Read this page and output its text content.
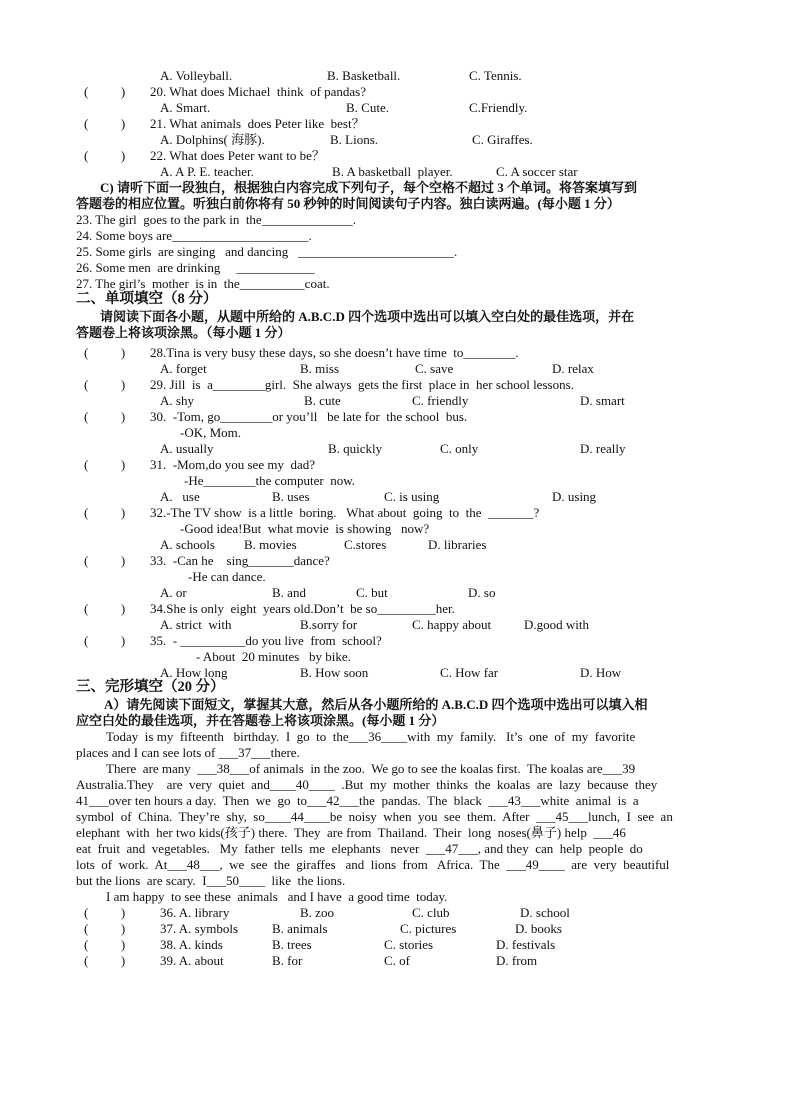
A. Volleyball.	B. Basketball.	C. Tennis.
(          ) 20. What does Michael  think  of pandas?
A. Smart.	B. Cute.	C.Friendly.
(          ) 21. What animals  does Peter like  best？
A. Dolphins( 海豚).	B. Lions.	C. Giraffes.
(          ) 22. What does Peter want to be？
A. A P. E. teacher.	B. A basketball  player.	C. A soccer star
C) 请听下面一段独白，根据独白内容完成下列句子，每个空格不超过 3 个单词。将答案填写到
答题卷的相应位置。听独白前你将有 50 秒钟的时间阅读句子内容。独白读两遍。(每小题 1 分）
23. The girl  goes to the park in  the______________.
24. Some boys are_____________________.
25. Some girls  are singing   and dancing   ________________________.
26. Some men  are drinking     ____________
27. The girl’s  mother  is in  the__________coat.
二、单项填空（8 分）
请阅读下面各小题，从题中所给的 A.B.C.D 四个选项中选出可以填入空白处的最佳选项，并在
答题卷上将该项涂黑。（每小题 1 分）
(          ) 28.Tina is very busy these days, so she doesn’t have time  to________.
A. forget	B. miss	C. save	D. relax
(          ) 29. Jill  is  a________girl.  She always  gets the first  place in  her school lessons.
A. shy	B. cute	C. friendly	D. smart
(          ) 30.  -Tom, go________or you’ll   be late for  the school  bus.
-OK, Mom.
A. usually	B. quickly	C. only	D. really
(          ) 31.  -Mom,do you see my  dad?
-He________the computer  now.
A.   use	B. uses	C. is using	D. using
(          ) 32.-The TV show  is a little  boring.   What about  going  to  the  _______?
-Good idea!But  what movie  is showing   now?
A. schools B. movies	C.stores	D. libraries
(          ) 33.  -Can he    sing_______dance?
-He can dance.
A. or	B. and	C. but	D. so
(          ) 34.She is only  eight  years old.Don’t  be so_________her.
A. strict  with	B.sorry for	C. happy about	D.good with
(          ) 35.  - __________do you live  from  school?
- About  20 minutes   by bike.
A. How long	B. How soon	C. How far	D. How
三、完形填空（20 分）
A）请先阅读下面短文，掌握其大意，然后从各小题所给的 A.B.C.D 四个选项中选出可以填入相
应空白处的最佳选项，并在答题卷上将该项涂黑。(每小题 1 分）
Today  is my  fifteenth   birthday.  I  go  to  the___36____with  my  family.   It’s  one  of  my  favorite
places and I can see lots of ___37___there.
There  are many  ___38___of animals  in the zoo.  We go to see the koalas first.  The koalas are___39
Australia.They    are  very  quiet  and____40____  .But  my  mother  thinks  the  koalas  are  lazy  because  they
41___over ten hours a day.  Then  we  go  to___42___the  pandas.  The  black  ___43___white  animal  is  a
symbol  of  China.  They’re  shy,  so____44____be  noisy  when  you  see  them.  After  ___45___lunch,  I  see  an
elephant  with  her two kids(孩子) there.  They  are from  Thailand.  Their  long  noses(鼻子) help  ___46
eat  fruit  and  vegetables.   My  father  tells  me  elephants   never  ___47___, and they  can  help  people  do
lots  of  work.  At___48___,  we  see  the  giraffes   and  lions  from   Africa.  The  ___49____  are  very  beautiful
but the lions  are scary.  I___50____  like  the lions.
I am happy  to see these  animals   and I have  a good time  today.
(          )	36. A. library	B. zoo	C. club	D. school
(          )	37. A. symbols	B. animals	C. pictures	D. books
(          )	38. A. kinds	B. trees	C. stories	D. festivals
(          )	39. A. about	B. for	C. of	D. from
